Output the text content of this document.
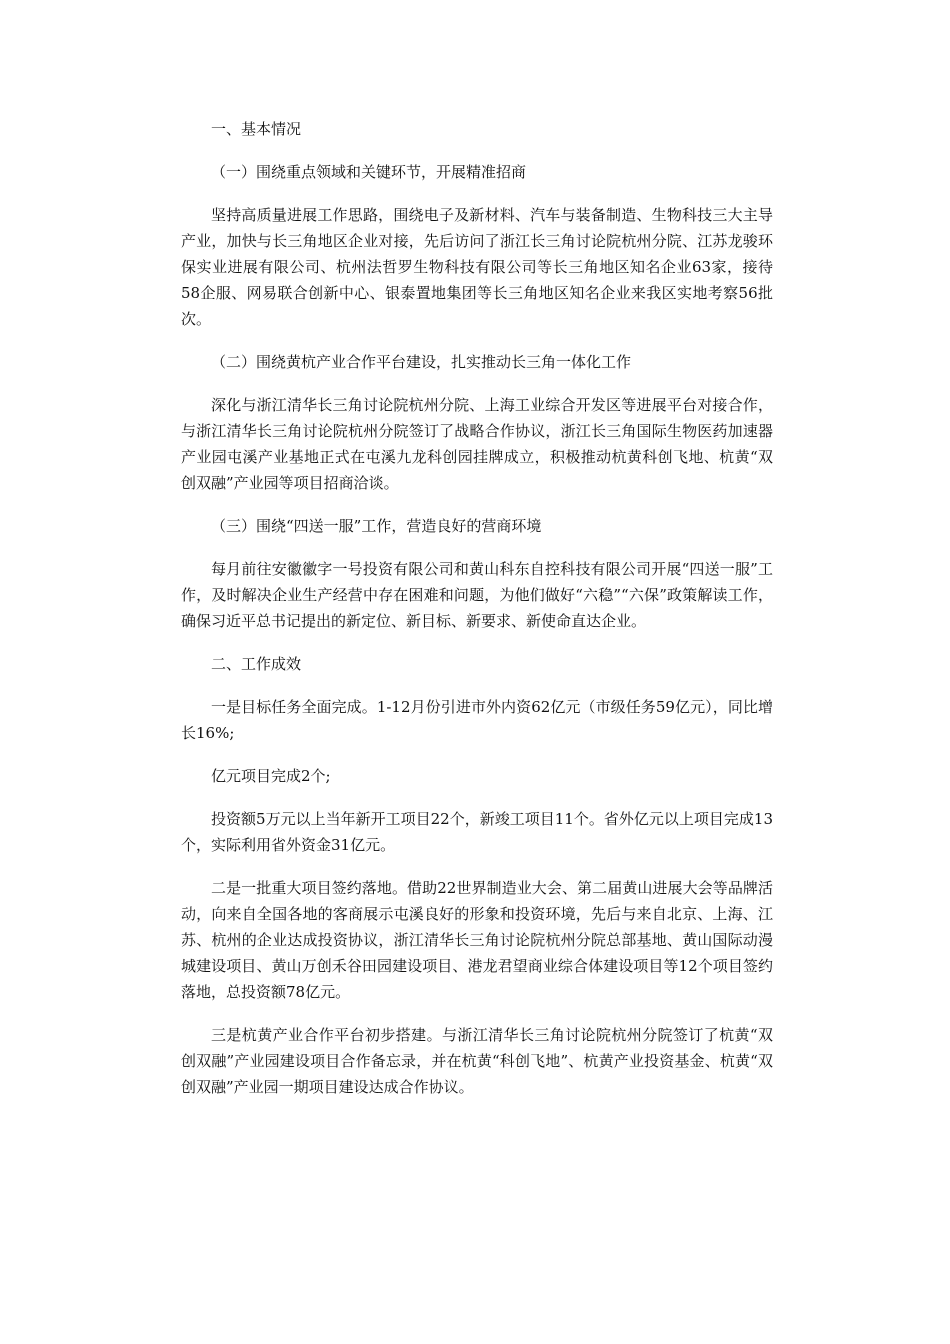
一、基本情况

（一）围绕重点领域和关键环节，开展精准招商

坚持高质量进展工作思路，围绕电子及新材料、汽车与装备制造、生物科技三大主导产业，加快与长三角地区企业对接，先后访问了浙江长三角讨论院杭州分院、江苏龙骏环保实业进展有限公司、杭州法哲罗生物科技有限公司等长三角地区知名企业63家，接待58企服、网易联合创新中心、银泰置地集团等长三角地区知名企业来我区实地考察56批次。

（二）围绕黄杭产业合作平台建设，扎实推动长三角一体化工作

深化与浙江清华长三角讨论院杭州分院、上海工业综合开发区等进展平台对接合作，与浙江清华长三角讨论院杭州分院签订了战略合作协议，浙江长三角国际生物医药加速器产业园屯溪产业基地正式在屯溪九龙科创园挂牌成立，积极推动杭黄科创飞地、杭黄“双创双融”产业园等项目招商洽谈。

（三）围绕“四送一服”工作，营造良好的营商环境

每月前往安徽徽字一号投资有限公司和黄山科东自控科技有限公司开展“四送一服”工作，及时解决企业生产经营中存在困难和问题，为他们做好“六稳”“六保”政策解读工作，确保习近平总书记提出的新定位、新目标、新要求、新使命直达企业。

二、工作成效

一是目标任务全面完成。1-12月份引进市外内资62亿元（市级任务59亿元），同比增长16%;

亿元项目完成2个;

投资额5万元以上当年新开工项目22个，新竣工项目11个。省外亿元以上项目完成13个，实际利用省外资金31亿元。

二是一批重大项目签约落地。借助22世界制造业大会、第二届黄山进展大会等品牌活动，向来自全国各地的客商展示屯溪良好的形象和投资环境，先后与来自北京、上海、江苏、杭州的企业达成投资协议，浙江清华长三角讨论院杭州分院总部基地、黄山国际动漫城建设项目、黄山万创禾谷田园建设项目、港龙君望商业综合体建设项目等12个项目签约落地，总投资额78亿元。

三是杭黄产业合作平台初步搭建。与浙江清华长三角讨论院杭州分院签订了杭黄“双创双融”产业园建设项目合作备忘录，并在杭黄“科创飞地”、杭黄产业投资基金、杭黄“双创双融”产业园一期项目建设达成合作协议。
